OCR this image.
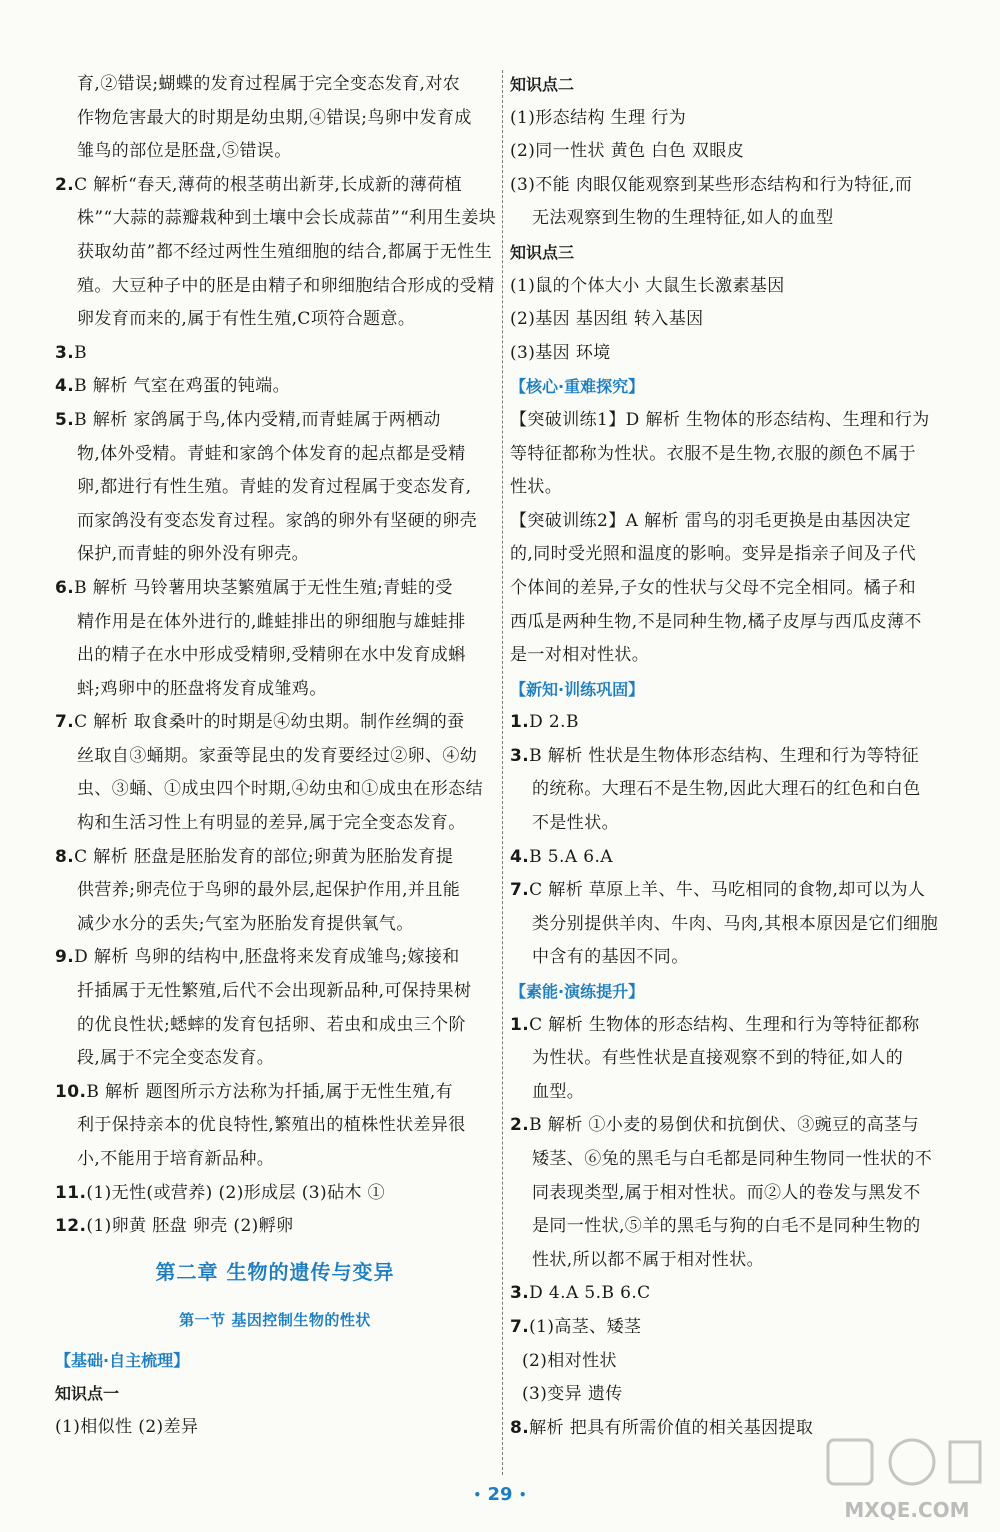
育,②错误;蝴蝶的发育过程属于完全变态发育,对农
作物危害最大的时期是幼虫期,④错误;鸟卵中发育成
雏鸟的部位是胚盘,⑤错误。
2.C 解析“春天,薄荷的根茎萌出新芽,长成新的薄荷植
株”“大蒜的蒜瓣栽种到土壤中会长成蒜苗”“利用生姜块
获取幼苗”都不经过两性生殖细胞的结合,都属于无性生
殖。大豆种子中的胚是由精子和卵细胞结合形成的受精
卵发育而来的,属于有性生殖,C项符合题意。
3.B
4.B 解析 气室在鸡蛋的钝端。
5.B 解析 家鸽属于鸟,体内受精,而青蛙属于两栖动
物,体外受精。青蛙和家鸽个体发育的起点都是受精
卵,都进行有性生殖。青蛙的发育过程属于变态发育,
而家鸽没有变态发育过程。家鸽的卵外有坚硬的卵壳
保护,而青蛙的卵外没有卵壳。
6.B 解析 马铃薯用块茎繁殖属于无性生殖;青蛙的受
精作用是在体外进行的,雌蛙排出的卵细胞与雄蛙排
出的精子在水中形成受精卵,受精卵在水中发育成蝌
蚪;鸡卵中的胚盘将发育成雏鸡。
7.C 解析 取食桑叶的时期是④幼虫期。制作丝绸的蚕
丝取自③蛹期。家蚕等昆虫的发育要经过②卵、④幼
虫、③蛹、①成虫四个时期,④幼虫和①成虫在形态结
构和生活习性上有明显的差异,属于完全变态发育。
8.C 解析 胚盘是胚胎发育的部位;卵黄为胚胎发育提
供营养;卵壳位于鸟卵的最外层,起保护作用,并且能
减少水分的丢失;气室为胚胎发育提供氧气。
9.D 解析 鸟卵的结构中,胚盘将来发育成雏鸟;嫁接和
扦插属于无性繁殖,后代不会出现新品种,可保持果树
的优良性状;蟋蟀的发育包括卵、若虫和成虫三个阶
段,属于不完全变态发育。
10.B 解析 题图所示方法称为扦插,属于无性生殖,有
利于保持亲本的优良特性,繁殖出的植株性状差异很
小,不能用于培育新品种。
11.(1)无性(或营养) (2)形成层 (3)砧木 ①
12.(1)卵黄 胚盘 卵壳 (2)孵卵
第二章 生物的遗传与变异
第一节 基因控制生物的性状
【基础·自主梳理】
知识点一
(1)相似性 (2)差异
知识点二
(1)形态结构 生理 行为
(2)同一性状 黄色 白色 双眼皮
(3)不能 肉眼仅能观察到某些形态结构和行为特征,而
无法观察到生物的生理特征,如人的血型
知识点三
(1)鼠的个体大小 大鼠生长激素基因
(2)基因 基因组 转入基因
(3)基因 环境
【核心·重难探究】
【突破训练1】D 解析 生物体的形态结构、生理和行为
等特征都称为性状。衣服不是生物,衣服的颜色不属于
性状。
【突破训练2】A 解析 雷鸟的羽毛更换是由基因决定
的,同时受光照和温度的影响。变异是指亲子间及子代
个体间的差异,子女的性状与父母不完全相同。橘子和
西瓜是两种生物,不是同种生物,橘子皮厚与西瓜皮薄不
是一对相对性状。
【新知·训练巩固】
1.D 2.B
3.B 解析 性状是生物体形态结构、生理和行为等特征
的统称。大理石不是生物,因此大理石的红色和白色
不是性状。
4.B 5.A 6.A
7.C 解析 草原上羊、牛、马吃相同的食物,却可以为人
类分别提供羊肉、牛肉、马肉,其根本原因是它们细胞
中含有的基因不同。
【素能·演练提升】
1.C 解析 生物体的形态结构、生理和行为等特征都称
为性状。有些性状是直接观察不到的特征,如人的
血型。
2.B 解析 ①小麦的易倒伏和抗倒伏、③豌豆的高茎与
矮茎、⑥兔的黑毛与白毛都是同种生物同一性状的不
同表现类型,属于相对性状。而②人的卷发与黑发不
是同一性状,⑤羊的黑毛与狗的白毛不是同种生物的
性状,所以都不属于相对性状。
3.D 4.A 5.B 6.C
7.(1)高茎、矮茎
(2)相对性状
(3)变异 遗传
8.解析 把具有所需价值的相关基因提取
• 29 •
MXQE.COM
